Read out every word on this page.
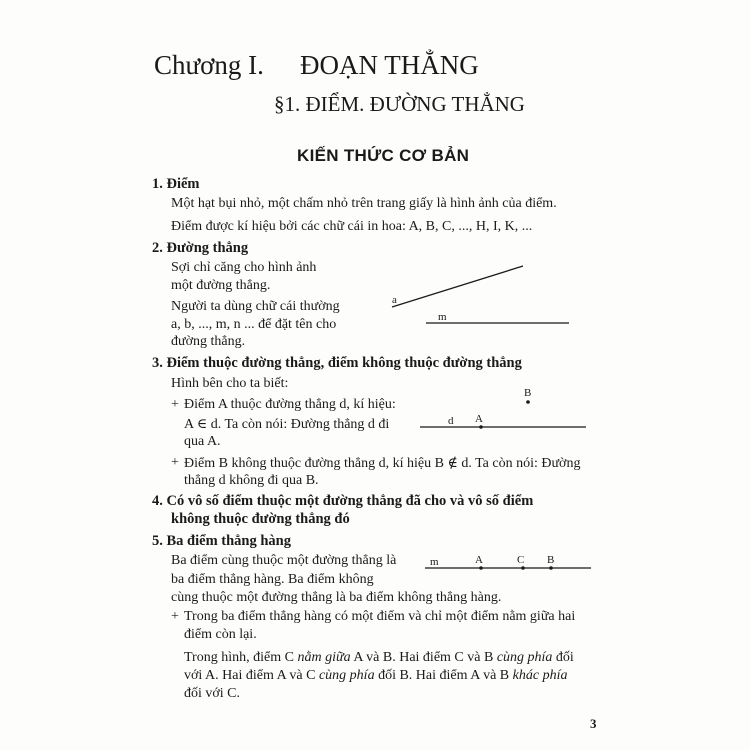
Chương I. ĐOẠN THẲNG
§1. ĐIỂM. ĐƯỜNG THẲNG
KIẾN THỨC CƠ BẢN
1. Điểm
Một hạt bụi nhỏ, một chấm nhỏ trên trang giấy là hình ảnh của điểm.
Điểm được kí hiệu bởi các chữ cái in hoa: A, B, C, ..., H, I, K, ...
2. Đường thẳng
Sợi chỉ căng cho hình ảnh
một đường thẳng.
Người ta dùng chữ cái thường
a, b, ..., m, n ... để đặt tên cho
đường thẳng.
a
m
3. Điểm thuộc đường thẳng, điểm không thuộc đường thẳng
Hình bên cho ta biết:
+ Điểm A thuộc đường thẳng d, kí hiệu:
A ∈ d. Ta còn nói: Đường thẳng d đi
qua A.
d A
B
+ Điểm B không thuộc đường thẳng d, kí hiệu B ∉ d. Ta còn nói: Đường
thẳng d không đi qua B.
4. Có vô số điểm thuộc một đường thẳng đã cho và vô số điểm
không thuộc đường thẳng đó
5. Ba điểm thẳng hàng
Ba điểm cùng thuộc một đường thẳng là
ba điểm thẳng hàng. Ba điểm không
cùng thuộc một đường thẳng là ba điểm không thẳng hàng.
m	A	C B
+ Trong ba điểm thẳng hàng có một điểm và chỉ một điểm nằm giữa hai
điểm còn lại.
Trong hình, điểm C nằm giữa A và B. Hai điểm C và B cùng phía đối
với A. Hai điểm A và C cùng phía đối B. Hai điểm A và B khác phía
đối với C.
3
